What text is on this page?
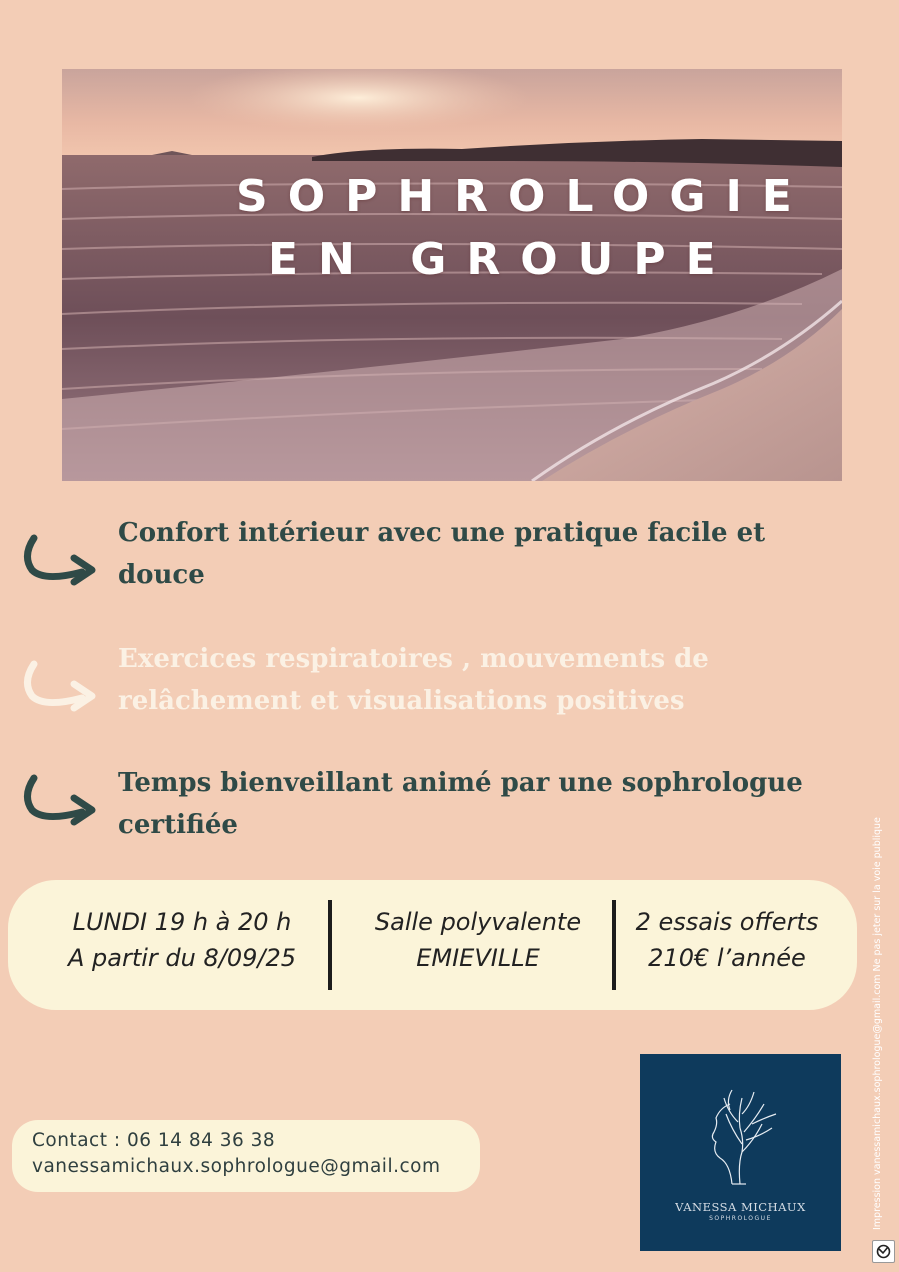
SOPHROLOGIE
EN GROUPE
Confort intérieur avec une pratique facile et douce
Exercices respiratoires , mouvements de relâchement et visualisations positives
Temps bienveillant animé par une sophrologue certifiée
LUNDI 19 h à 20 h
A partir du 8/09/25
Salle polyvalente
EMIEVILLE
2 essais offerts
210€ l’année
Contact : 06 14 84 36 38
vanessamichaux.sophrologue@gmail.com
VANESSA MICHAUX
SOPHROLOGUE	Impression vanessamichaux.sophrologue@gmail.com Ne pas jeter sur la voie publique
